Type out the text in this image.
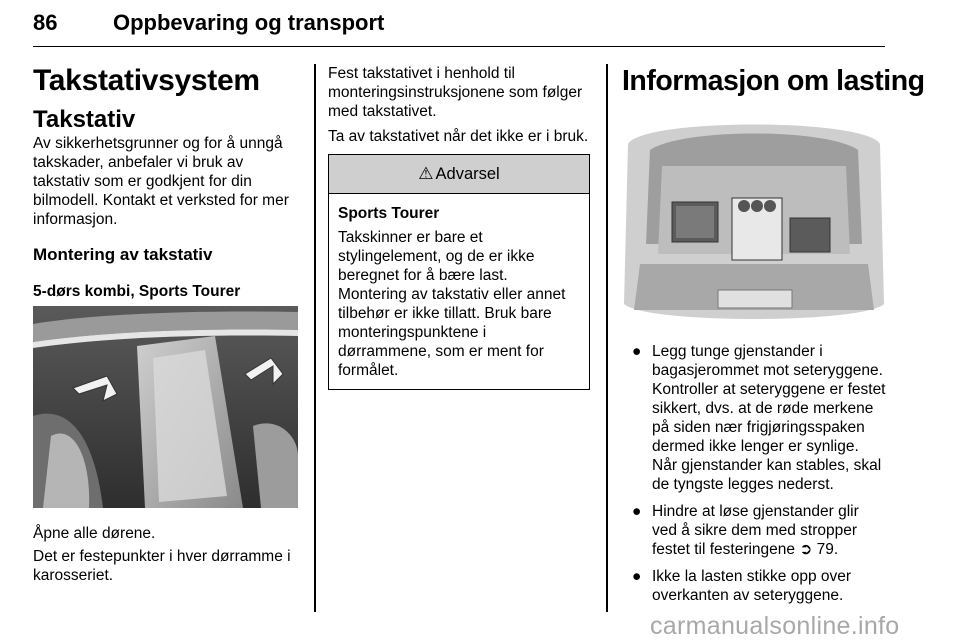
86	Oppbevaring og transport
Takstativsystem
Takstativ

Av sikkerhetsgrunner og for å unngå takskader, anbefaler vi bruk av takstativ som er godkjent for din bilmodell. Kontakt et verksted for mer informasjon.

Montering av takstativ
5-dørs kombi, Sports Tourer

Åpne alle dørene.

Det er festepunkter i hver dørramme i karosseriet.

Fest takstativet i henhold til monteringsinstruksjonene som følger med takstativet.

Ta av takstativet når det ikke er i bruk.

⚠ Advarsel
Sports Tourer

Takskinner er bare et stylingelement, og de er ikke beregnet for å bære last. Montering av takstativ eller annet tilbehør er ikke tillatt. Bruk bare monteringspunktene i dørrammene, som er ment for formålet.

Informasjon om lasting
● Legg tunge gjenstander i bagasjerommet mot seteryggene. Kontroller at seteryggene er festet sikkert, dvs. at de røde merkene på siden nær frigjøringsspaken dermed ikke lenger er synlige. Når gjenstander kan stables, skal de tyngste legges nederst.
● Hindre at løse gjenstander glir ved å sikre dem med stropper festet til festeringene ➲ 79.
● Ikke la lasten stikke opp over overkanten av seteryggene.
carmanualsonline.info
